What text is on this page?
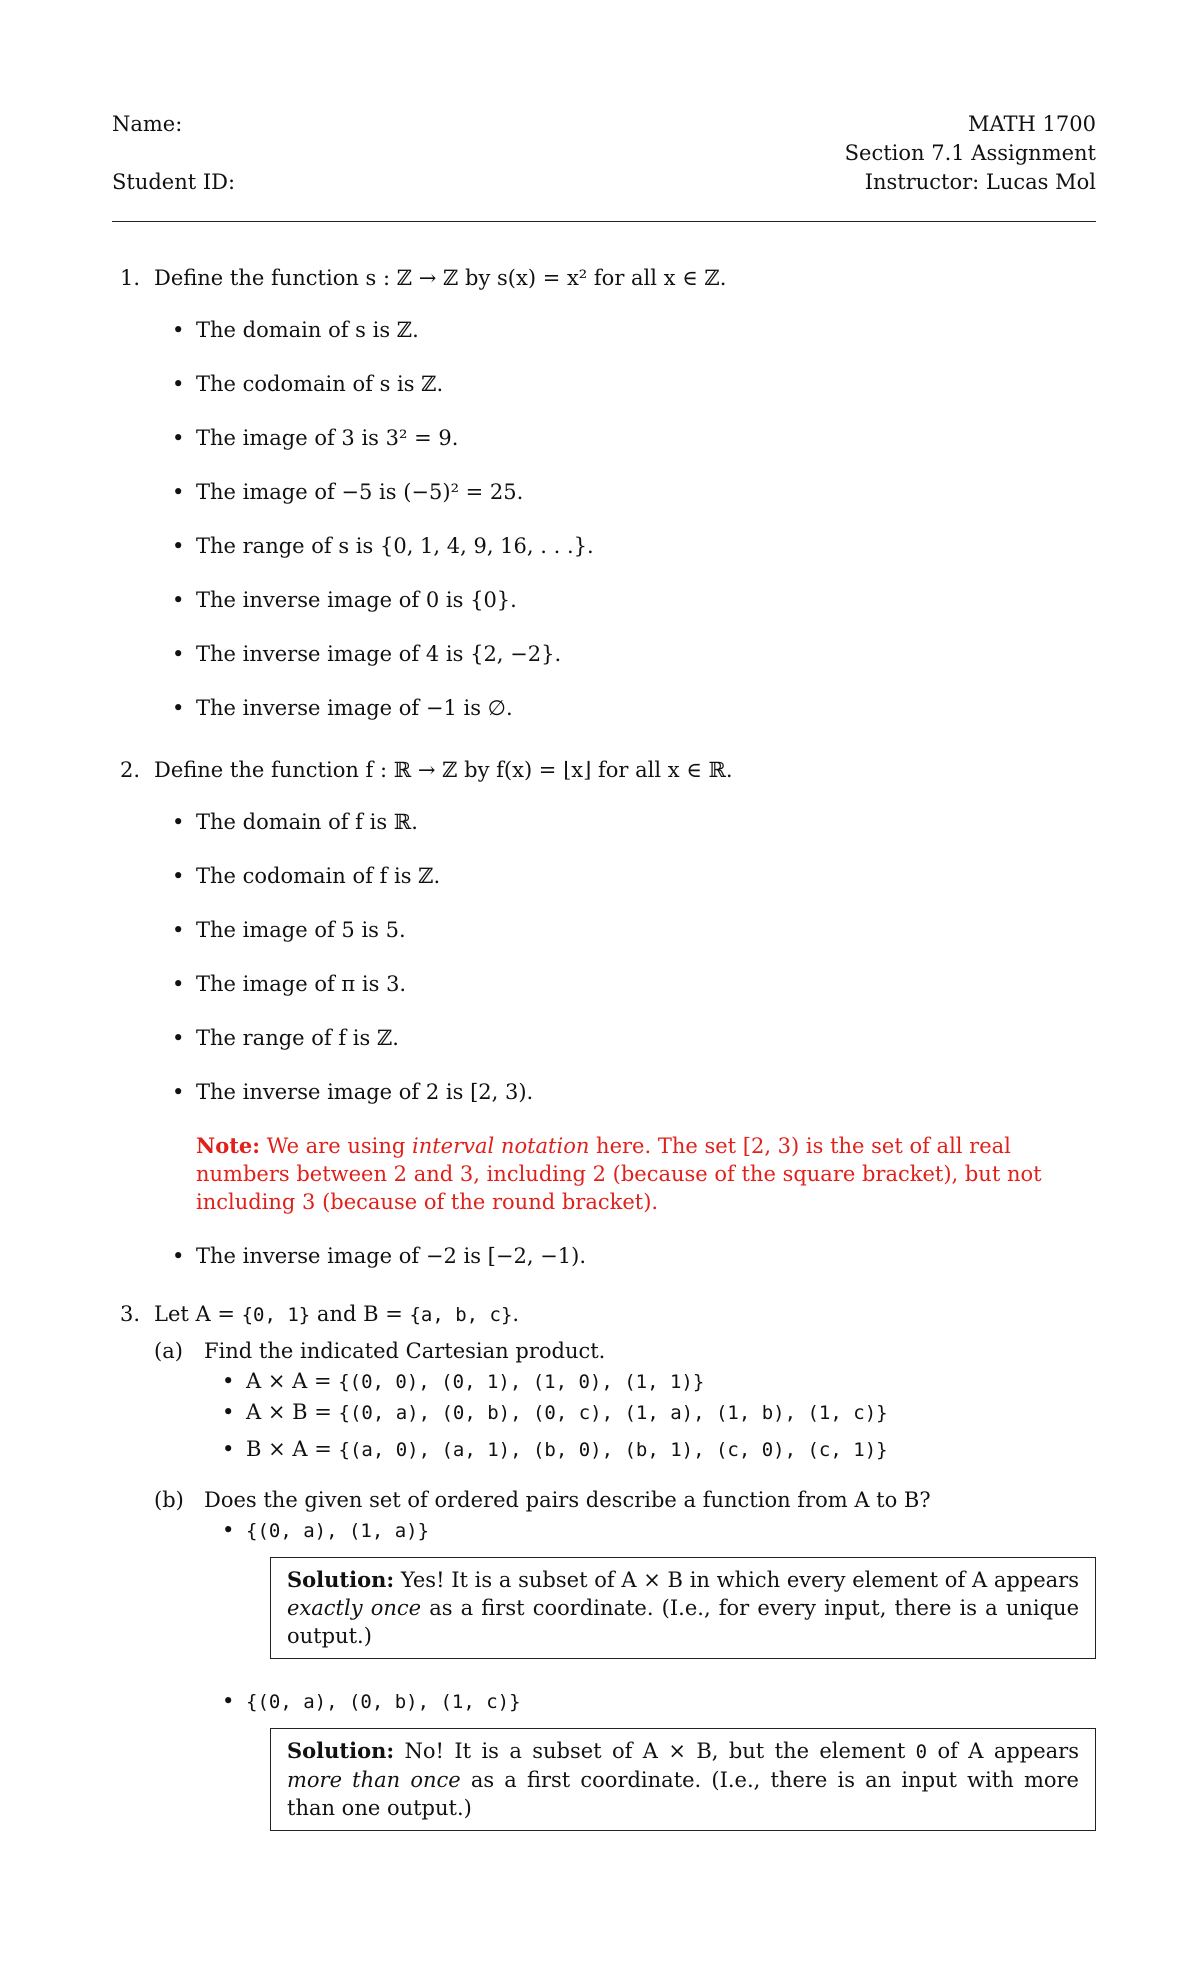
Name:
Student ID:
MATH 1700
Section 7.1 Assignment
Instructor: Lucas Mol
1. Define the function s : ℤ → ℤ by s(x) = x² for all x ∈ ℤ.
• The domain of s is ℤ.
• The codomain of s is ℤ.
• The image of 3 is 3² = 9.
• The image of −5 is (−5)² = 25.
• The range of s is {0, 1, 4, 9, 16, . . .}.
• The inverse image of 0 is {0}.
• The inverse image of 4 is {2, −2}.
• The inverse image of −1 is ∅.
2. Define the function f : ℝ → ℤ by f(x) = ⌊x⌋ for all x ∈ ℝ.
• The domain of f is ℝ.
• The codomain of f is ℤ.
• The image of 5 is 5.
• The image of π is 3.
• The range of f is ℤ.
• The inverse image of 2 is [2, 3).
Note: We are using interval notation here. The set [2, 3) is the set of all real numbers between 2 and 3, including 2 (because of the square bracket), but not including 3 (because of the round bracket).
• The inverse image of −2 is [−2, −1).
3. Let A = {0, 1} and B = {a, b, c}.
(a) Find the indicated Cartesian product.
• A × A = {(0, 0), (0, 1), (1, 0), (1, 1)}
• A × B = {(0, a), (0, b), (0, c), (1, a), (1, b), (1, c)}
• B × A = {(a, 0), (a, 1), (b, 0), (b, 1), (c, 0), (c, 1)}
(b) Does the given set of ordered pairs describe a function from A to B?
• {(0, a), (1, a)}
Solution: Yes! It is a subset of A × B in which every element of A appears exactly once as a first coordinate. (I.e., for every input, there is a unique output.)
• {(0, a), (0, b), (1, c)}
Solution: No! It is a subset of A × B, but the element 0 of A appears more than once as a first coordinate. (I.e., there is an input with more than one output.)
